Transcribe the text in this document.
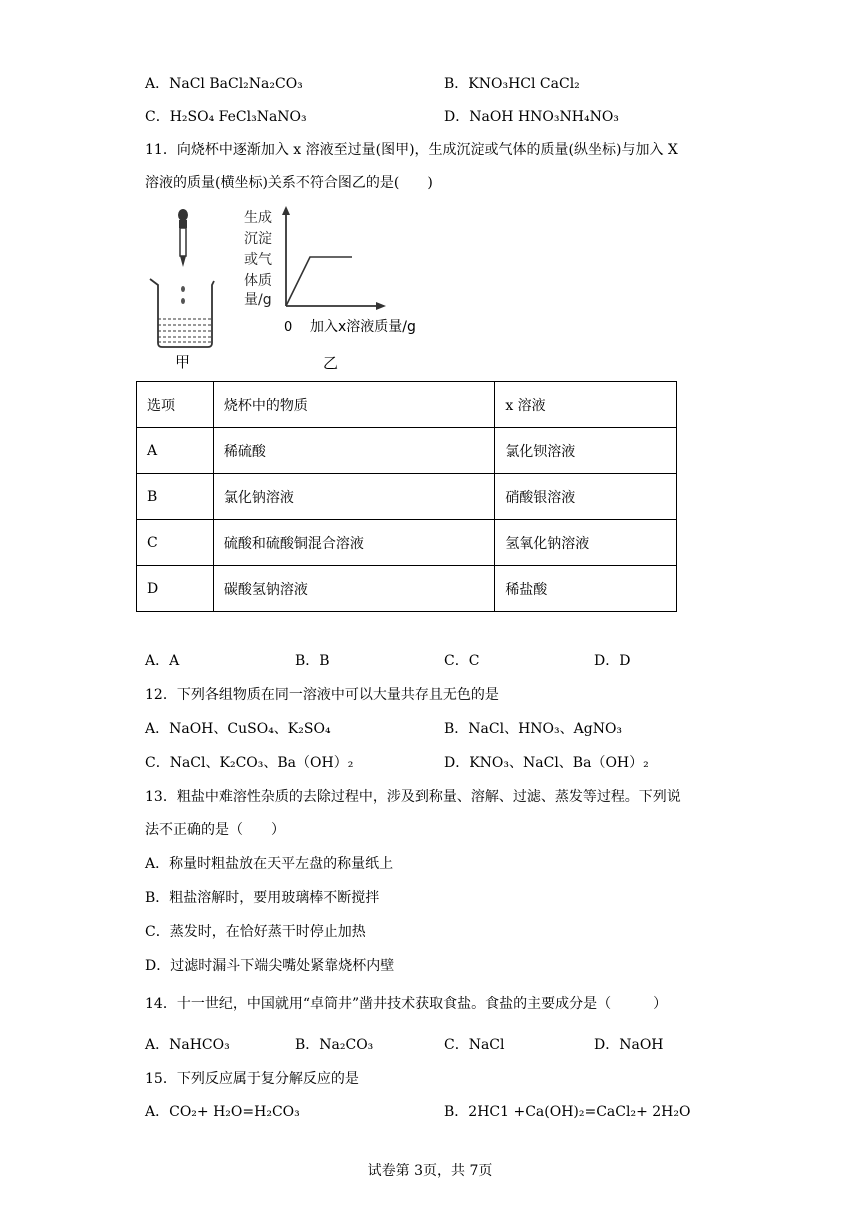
A．NaCl BaCl₂Na₂CO₃	B．KNO₃HCl CaCl₂
C．H₂SO₄ FeCl₃NaNO₃	D．NaOH HNO₃NH₄NO₃
11．向烧杯中逐渐加入 x 溶液至过量(图甲)，生成沉淀或气体的质量(纵坐标)与加入 X
溶液的质量(横坐标)关系不符合图乙的是(　　)
甲
生成
沉淀
或气
体质
量/g
0 加入x溶液质量/g
乙
选项	烧杯中的物质	x 溶液
A	稀硫酸	氯化钡溶液
B	氯化钠溶液	硝酸银溶液
C	硫酸和硫酸铜混合溶液	氢氧化钠溶液
D	碳酸氢钠溶液	稀盐酸
A．A	B．B	C．C	D．D
12．下列各组物质在同一溶液中可以大量共存且无色的是
A．NaOH、CuSO₄、K₂SO₄	B．NaCl、HNO₃、AgNO₃
C．NaCl、K₂CO₃、Ba（OH）₂	D．KNO₃、NaCl、Ba（OH）₂
13．粗盐中难溶性杂质的去除过程中，涉及到称量、溶解、过滤、蒸发等过程。下列说
法不正确的是（　　）
A．称量时粗盐放在天平左盘的称量纸上
B．粗盐溶解时，要用玻璃棒不断搅拌
C．蒸发时，在恰好蒸干时停止加热
D．过滤时漏斗下端尖嘴处紧靠烧杯内壁
14．十一世纪，中国就用“卓筒井”凿井技术获取食盐。食盐的主要成分是（　　　）
A．NaHCO₃	B．Na₂CO₃	C．NaCl	D．NaOH
15．下列反应属于复分解反应的是
A．CO₂+ H₂O=H₂CO₃	B．2HC1 +Ca(OH)₂=CaCl₂+ 2H₂O
试卷第 3页，共 7页
